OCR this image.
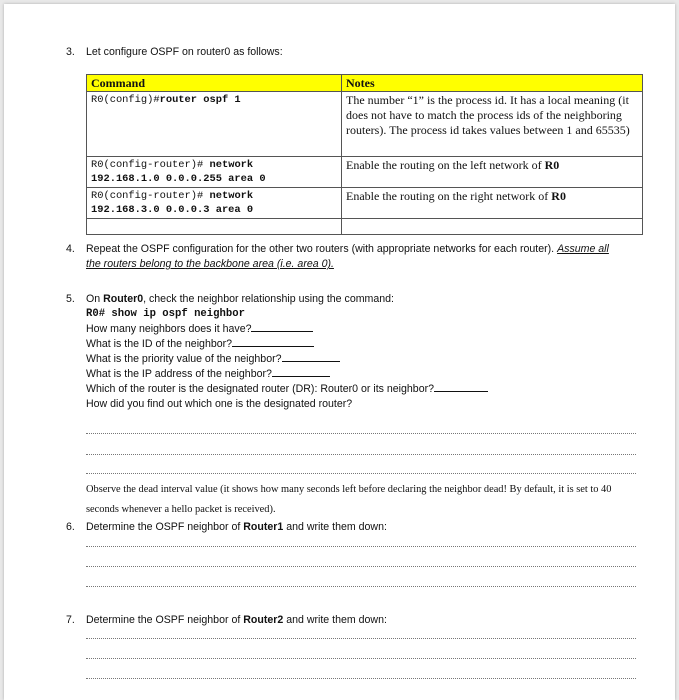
3. Let configure OSPF on router0 as follows:
Command	Notes
R0(config)#router ospf 1	The number “1” is the process id. It has a local meaning (it does not have to match the process ids of the neighboring routers). The process id takes values between 1 and 65535)
R0(config-router)# network
192.168.1.0 0.0.0.255 area 0	Enable the routing on the left network of R0
R0(config-router)# network
192.168.3.0 0.0.0.3 area 0	Enable the routing on the right network of R0

4. Repeat the OSPF configuration for the other two routers (with appropriate networks for each router). Assume all
the routers belong to the backbone area (i.e. area 0).
5. On Router0, check the neighbor relationship using the command:
R0# show ip ospf neighbor
How many neighbors does it have?
What is the ID of the neighbor?
What is the priority value of the neighbor?
What is the IP address of the neighbor?
Which of the router is the designated router (DR): Router0 or its neighbor?
How did you find out which one is the designated router?
Observe the dead interval value (it shows how many seconds left before declaring the neighbor dead! By default, it is set to 40 seconds whenever a hello packet is received).
6. Determine the OSPF neighbor of Router1 and write them down:
7. Determine the OSPF neighbor of Router2 and write them down:
